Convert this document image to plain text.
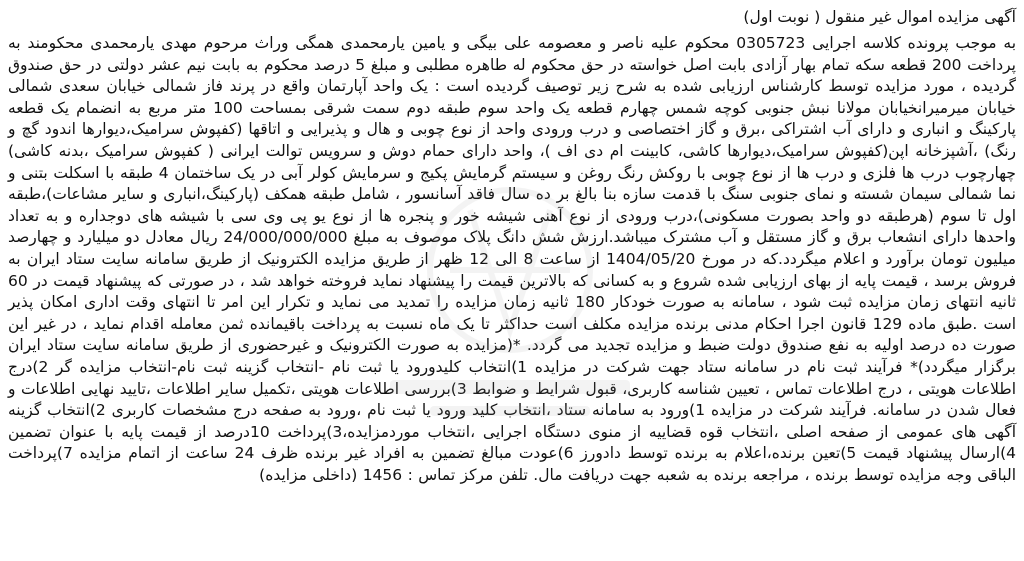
آگهی مزایده اموال غیر منقول ( نوبت اول)

به موجب پرونده کلاسه اجرایی 0305723 محکوم علیه ناصر و معصومه علی بیگی و یامین یارمحمدی همگی وراث مرحوم مهدی یارمحمدی محکومند به پرداخت 200 قطعه سکه تمام بهار آزادی بابت اصل خواسته در حق محکوم له طاهره مطلبی و مبلغ 5 درصد محکوم به بابت نیم عشر دولتی در حق صندوق گردیده ، مورد مزایده توسط کارشناس ارزیابی شده به شرح زیر توصیف گردیده است : یک واحد آپارتمان واقع در پرند فاز شمالی خیابان سعدی شمالی خیابان میرمیرانخیابان مولانا نبش جنوبی کوچه شمس چهارم قطعه یک واحد سوم طبقه دوم سمت شرقی بمساحت 100 متر مربع به انضمام یک قطعه پارکینگ و انباری و دارای آب اشتراکی ،برق و گاز اختصاصی و درب ورودی واحد از نوع چوبی و هال و پذیرایی و اتاقها (کفپوش سرامیک،دیوارها اندود گچ و رنگ) ،آشپزخانه اپن(کفپوش سرامیک،دیوارها کاشی، کابینت ام دی اف )، واحد دارای حمام دوش و سرویس توالت ایرانی ( کفپوش سرامیک ،بدنه کاشی) چهارچوب درب ها فلزی و درب ها از نوع چوبی با روکش رنگ روغن و سیستم گرمایش پکیج و سرمایش کولر آبی در یک ساختمان 4 طبقه با اسکلت بتنی و نما شمالی سیمان شسته و نمای جنوبی سنگ با قدمت سازه بنا بالغ بر ده سال فاقد آسانسور ، شامل طبقه همکف (پارکینگ،انباری و سایر مشاعات)،طبقه اول تا سوم (هرطبقه دو واحد بصورت مسکونی)،درب ورودی از نوع آهنی شیشه خور و پنجره ها از نوع یو پی وی سی با شیشه های دوجداره و به تعداد واحدها دارای انشعاب برق و گاز مستقل و آب مشترک میباشد.ارزش شش دانگ پلاک موصوف به مبلغ 24/000/000/000 ریال معادل دو میلیارد و چهارصد میلیون تومان برآورد و اعلام میگردد.که در مورخ 1404/05/20 از ساعت 8 الی 12 ظهر از طریق مزایده الکترونیک از طریق سامانه سایت ستاد ایران به فروش برسد ، قیمت پایه از بهای ارزیابی شده شروع و به کسانی که بالاترین قیمت را پیشنهاد نماید فروخته خواهد شد ، در صورتی که پیشنهاد قیمت در 60 ثانیه انتهای زمان مزایده ثبت شود ، سامانه به صورت خودکار 180 ثانیه زمان مزایده را تمدید می نماید و تکرار این امر تا انتهای وقت اداری امکان پذیر است .طبق ماده 129 قانون اجرا احکام مدنی برنده مزایده مکلف است حداکثر تا یک ماه نسبت به پرداخت باقیمانده ثمن معامله اقدام نماید ، در غیر این صورت ده درصد اولیه به نفع صندوق دولت ضبط و مزایده تجدید می گردد. *(مزایده به صورت الکترونیک و غیرحضوری از طریق سامانه سایت ستاد ایران برگزار میگردد)* فرآیند ثبت نام در سامانه ستاد جهت شرکت در مزایده 1)انتخاب کلیدورود یا ثبت نام -انتخاب گزینه ثبت نام-انتخاب مزایده گر 2)درج اطلاعات هویتی ، درج اطلاعات تماس ، تعیین شناسه کاربری، قبول شرایط و ضوابط 3)بررسی اطلاعات هویتی ،تکمیل سایر اطلاعات ،تایید نهایی اطلاعات و فعال شدن در سامانه. فرآیند شرکت در مزایده 1)ورود به سامانه ستاد ،انتخاب کلید ورود یا ثبت نام ،ورود به صفحه درج مشخصات کاربری 2)انتخاب گزینه آگهی های عمومی از صفحه اصلی ،انتخاب قوه قضاییه از منوی دستگاه اجرایی ،انتخاب موردمزایده،3)پرداخت 10درصد از قیمت پایه با عنوان تضمین 4)ارسال پیشنهاد قیمت 5)تعین برنده،اعلام به برنده توسط دادورز 6)عودت مبالغ تضمین به افراد غیر برنده ظرف 24 ساعت از اتمام مزایده 7)پرداخت الباقی وجه مزایده توسط برنده ، مراجعه برنده به شعبه جهت دریافت مال. تلفن مرکز تماس : 1456 (داخلی مزایده)
